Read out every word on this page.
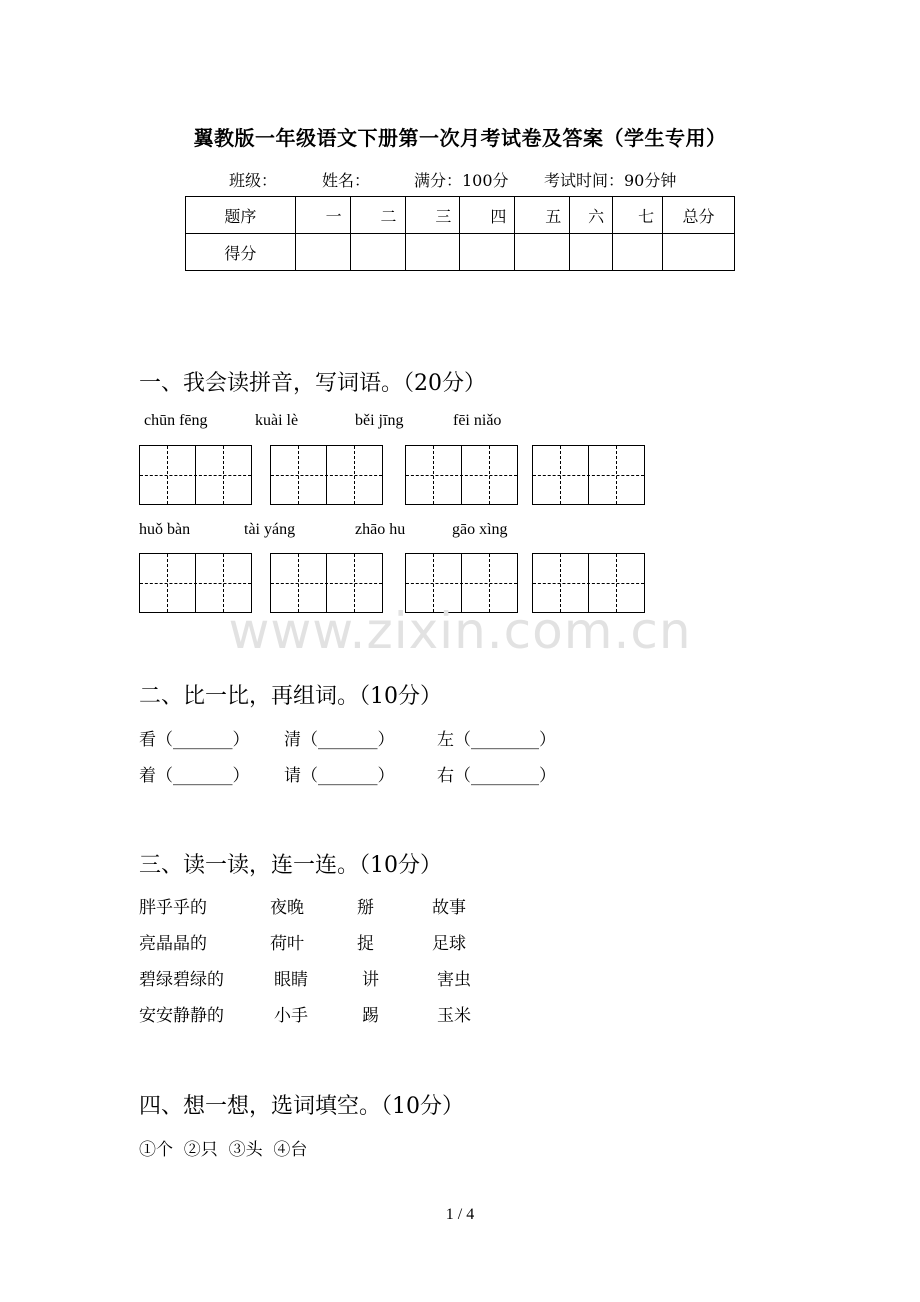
翼教版一年级语文下册第一次月考试卷及答案（学生专用）
班级：	姓名：	满分：100分 考试时间：90分钟
题序	一	二	三	四	五	六	七	总分
得分								
一、我会读拼音，写词语。（20分）
chūn fēng	kuài lè	běi jīng	fēi niǎo
huǒ bàn	tài yáng	zhāo hu	gāo xìng
www.zixin.com.cn
二、比一比，再组词。（10分）
看（_______） 清（_______）	左（________）
着（_______） 请（_______）	右（________）
三、读一读，连一连。（10分）
胖乎乎的	夜晚	掰	故事
亮晶晶的	荷叶	捉	足球
碧绿碧绿的	眼睛	讲	害虫
安安静静的	小手	踢	玉米
四、想一想，选词填空。（10分）
①个  ②只  ③头  ④台
1 / 4
